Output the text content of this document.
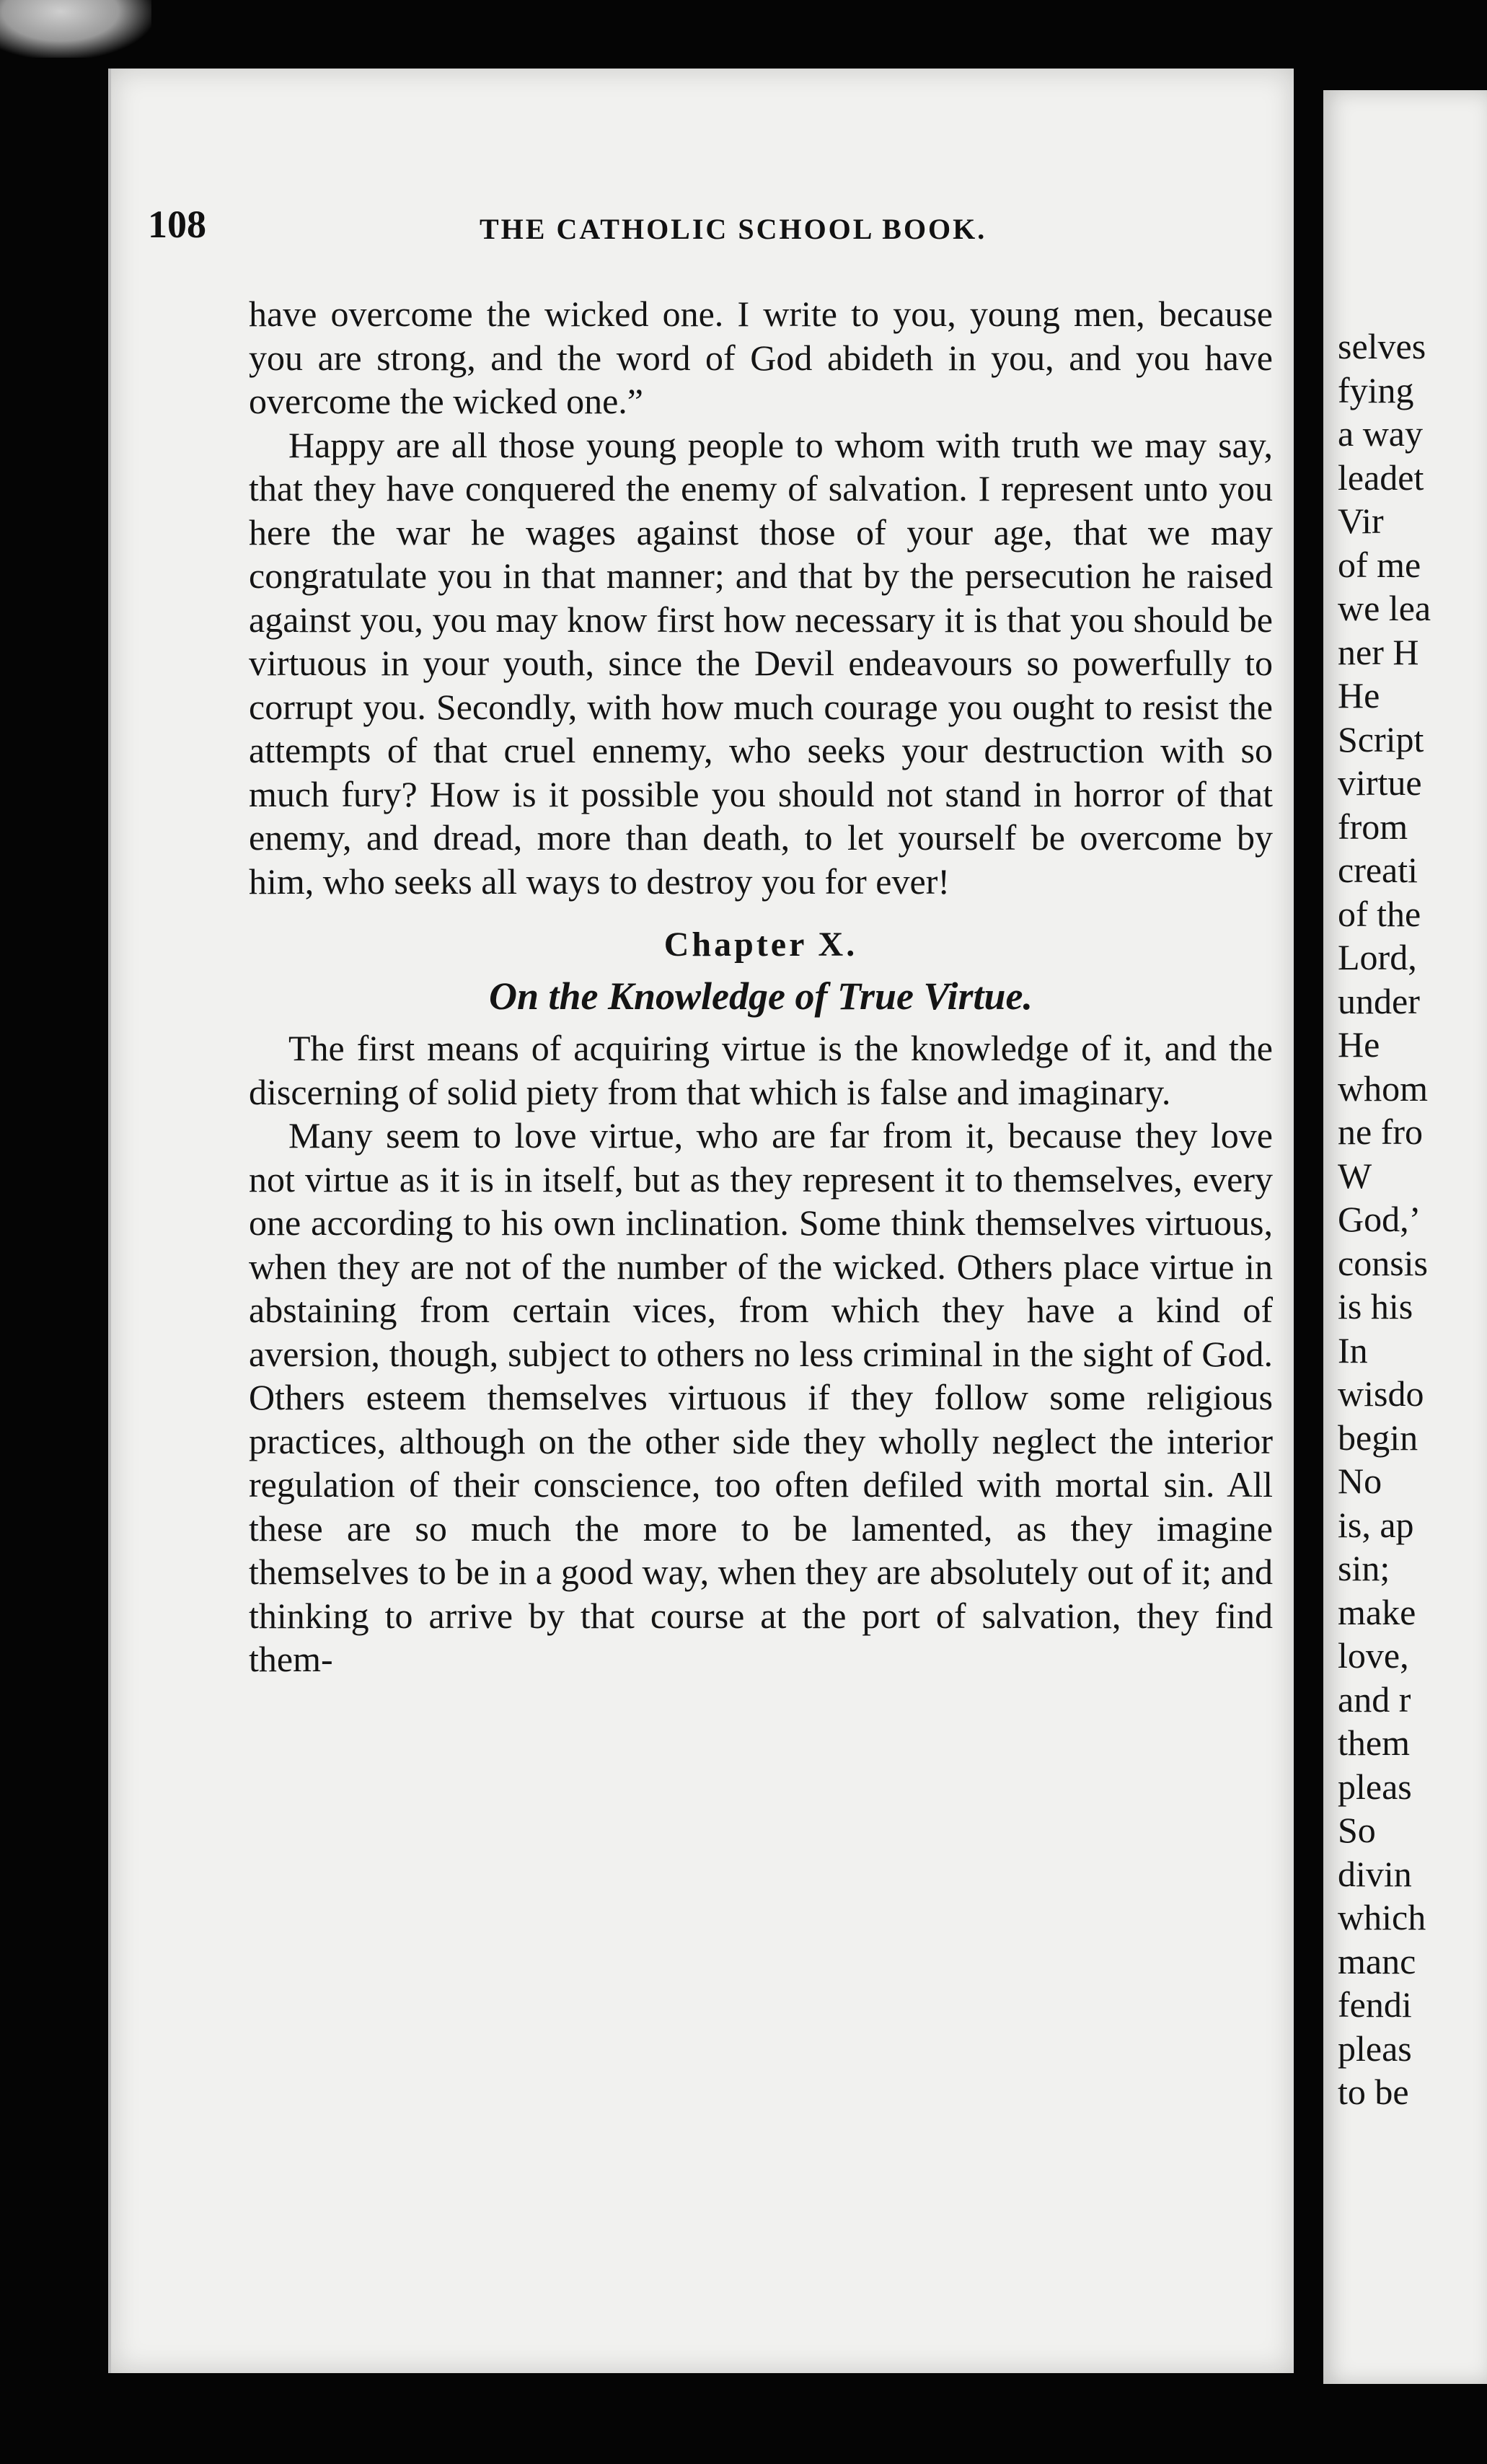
108	THE CATHOLIC SCHOOL BOOK.

have overcome the wicked one. I write to you, young men, because you are strong, and the word of God abideth in you, and you have overcome the wicked one.”

Happy are all those young people to whom with truth we may say, that they have conquered the enemy of salvation. I represent unto you here the war he wages against those of your age, that we may congratulate you in that manner; and that by the persecution he raised against you, you may know first how necessary it is that you should be virtuous in your youth, since the Devil endeavours so powerfully to corrupt you. Secondly, with how much courage you ought to resist the attempts of that cruel ennemy, who seeks your destruction with so much fury? How is it possible you should not stand in horror of that enemy, and dread, more than death, to let yourself be overcome by him, who seeks all ways to destroy you for ever!

Chapter X.
On the Knowledge of True Virtue.

The first means of acquiring virtue is the knowledge of it, and the discerning of solid piety from that which is false and imaginary.

Many seem to love virtue, who are far from it, because they love not virtue as it is in itself, but as they represent it to themselves, every one according to his own inclination. Some think themselves virtuous, when they are not of the number of the wicked. Others place virtue in abstaining from certain vices, from which they have a kind of aversion, though, subject to others no less criminal in the sight of God. Others esteem themselves virtuous if they follow some religious practices, although on the other side they wholly neglect the interior regulation of their conscience, too often defiled with mortal sin. All these are so much the more to be lamented, as they imagine themselves to be in a good way, when they are absolutely out of it; and thinking to arrive by that course at the port of salvation, they find them-

selves
fying
a way
leadet
Vir
of me
we lea
ner H
He
Script
virtue
from
creati
of the
Lord,
under
He
whom
ne fro
W
God,’
consis
is his
In
wisdo
begin
No
is, ap
sin;
make
love,
and r
them
pleas
So
divin
which
manc
fendi
pleas
to be
